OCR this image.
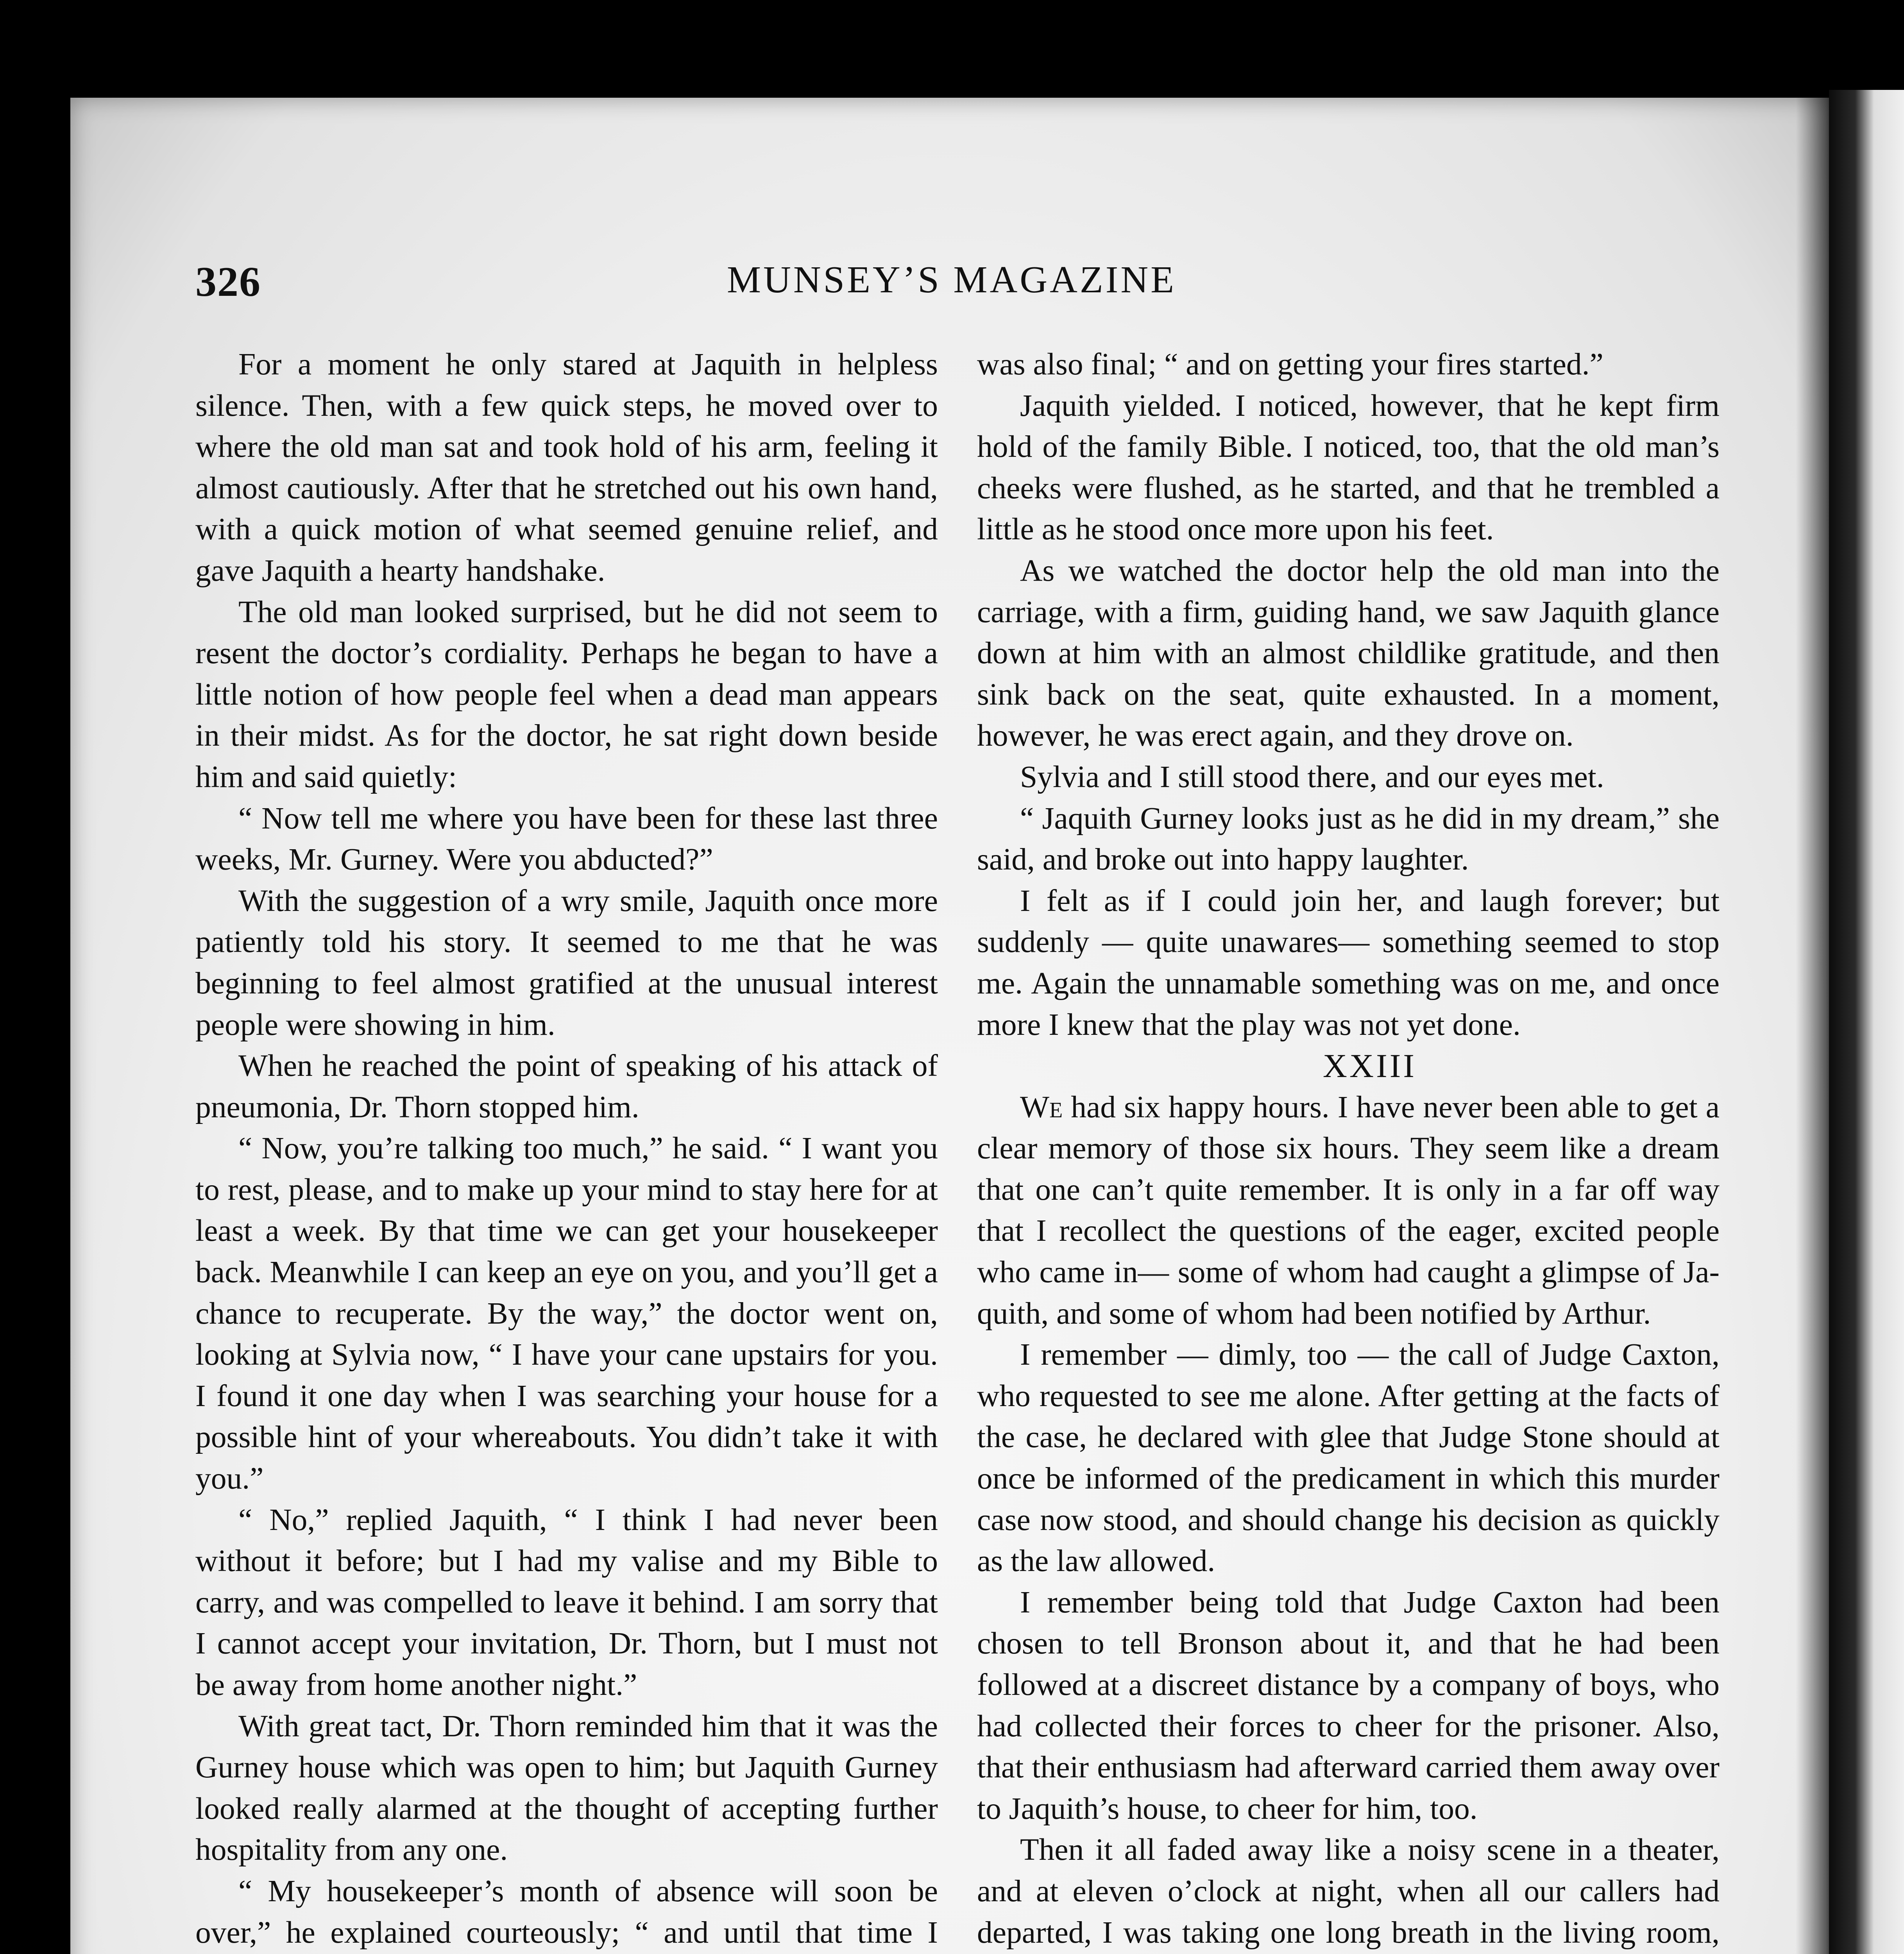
326	MUNSEY’S MAGAZINE

For a moment he only stared at Jaquith in helpless silence. Then, with a few quick steps, he moved over to where the old man sat and took hold of his arm, feeling it almost cautiously. After that he stretched out his own hand, with a quick motion of what seemed genuine relief, and gave Jaquith a hearty handshake.

The old man looked surprised, but he did not seem to resent the doctor’s cordiality. Perhaps he began to have a little notion of how people feel when a dead man appears in their midst. As for the doctor, he sat right down beside him and said quietly:

“ Now tell me where you have been for these last three weeks, Mr. Gurney. Were you abducted?”

With the suggestion of a wry smile, Jaquith once more patiently told his story. It seemed to me that he was beginning to feel almost gratified at the unusual interest people were showing in him.

When he reached the point of speaking of his attack of pneumonia, Dr. Thorn stopped him.

“ Now, you’re talking too much,” he said. “ I want you to rest, please, and to make up your mind to stay here for at least a week. By that time we can get your housekeeper back. Meanwhile I can keep an eye on you, and you’ll get a chance to recuperate. By the way,” the doctor went on, looking at Sylvia now, “ I have your cane upstairs for you. I found it one day when I was searching your house for a possible hint of your whereabouts. You didn’t take it with you.”

“ No,” replied Jaquith, “ I think I had never been without it before; but I had my valise and my Bible to carry, and was compelled to leave it behind. I am sorry that I cannot accept your invitation, Dr. Thorn, but I must not be away from home another night.”

With great tact, Dr. Thorn reminded him that it was the Gurney house which was open to him; but Jaquith Gurney looked really alarmed at the thought of accepting further hospitality from any one.

“ My housekeeper’s month of absence will soon be over,” he explained courteously; “ and until that time I

was also final; “ and on getting your fires started.”

Jaquith yielded. I noticed, however, that he kept firm hold of the family Bible. I noticed, too, that the old man’s cheeks were flushed, as he started, and that he trembled a little as he stood once more upon his feet.

As we watched the doctor help the old man into the carriage, with a firm, guiding hand, we saw Jaquith glance down at him with an almost childlike gratitude, and then sink back on the seat, quite exhausted. In a moment, however, he was erect again, and they drove on.

Sylvia and I still stood there, and our eyes met.

“ Jaquith Gurney looks just as he did in my dream,” she said, and broke out into happy laughter.

I felt as if I could join her, and laugh forever; but suddenly — quite unawares— something seemed to stop me. Again the unnamable something was on me, and once more I knew that the play was not yet done.

XXIII

We had six happy hours. I have never been able to get a clear memory of those six hours. They seem like a dream that one can’t quite remember. It is only in a far off way that I recollect the questions of the eager, excited people who came in— some of whom had caught a glimpse of Jaquith, and some of whom had been notified by Arthur.

I remember — dimly, too — the call of Judge Caxton, who requested to see me alone. After getting at the facts of the case, he declared with glee that Judge Stone should at once be informed of the predicament in which this murder case now stood, and should change his decision as quickly as the law allowed.

I remember being told that Judge Caxton had been chosen to tell Bronson about it, and that he had been followed at a discreet distance by a company of boys, who had collected their forces to cheer for the prisoner. Also, that their enthusiasm had afterward carried them away over to Jaquith’s house, to cheer for him, too.

Then it all faded away like a noisy scene in a theater, and at eleven o’clock at night, when all our callers had departed, I was taking one long breath in the living room,
